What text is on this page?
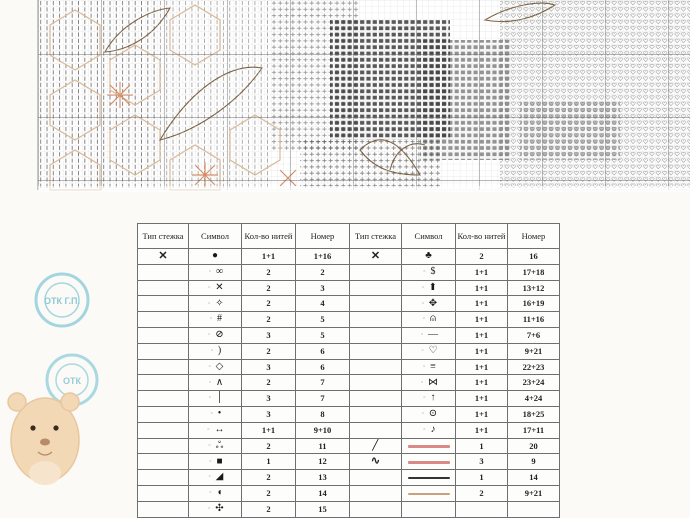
ОТК Г.П.
ОТК
Тип стежка	Символ	Кол-во нитей	Номер	Тип стежка	Символ	Кол-во нитей	Номер
✕	●	1+1	1+16	✕	♣	2	16
	▫ ∞	2	2		▫ $	1+1	17+18
	▫ ✕	2	3		▫ ⬆	1+1	13+12
	▫ ✧	2	4		▫ ✥	1+1	16+19
	▫ #	2	5		▫ ⍝	1+1	11+16
	▫ ⊘	3	5		▫ —	1+1	7+6
	▫ )	2	6		▫ ♡	1+1	9+21
	▫ ◇	3	6		▫ ≡	1+1	22+23
	▫ ∧	2	7		▫ ⋈	1+1	23+24
	▫ │	3	7		▫ ↑	1+1	4+24
	▫ •	3	8		▫ ⊙	1+1	18+25
	▫ ↔	1+1	9+10		▫ ♪	1+1	17+11
	▫ ஃ	2	11	╱		1	20
	▫ ■	1	12	∿		3	9
	▫ ◢	2	13			1	14
	▫ ◖	2	14			2	9+21
	▫ ✣	2	15				
